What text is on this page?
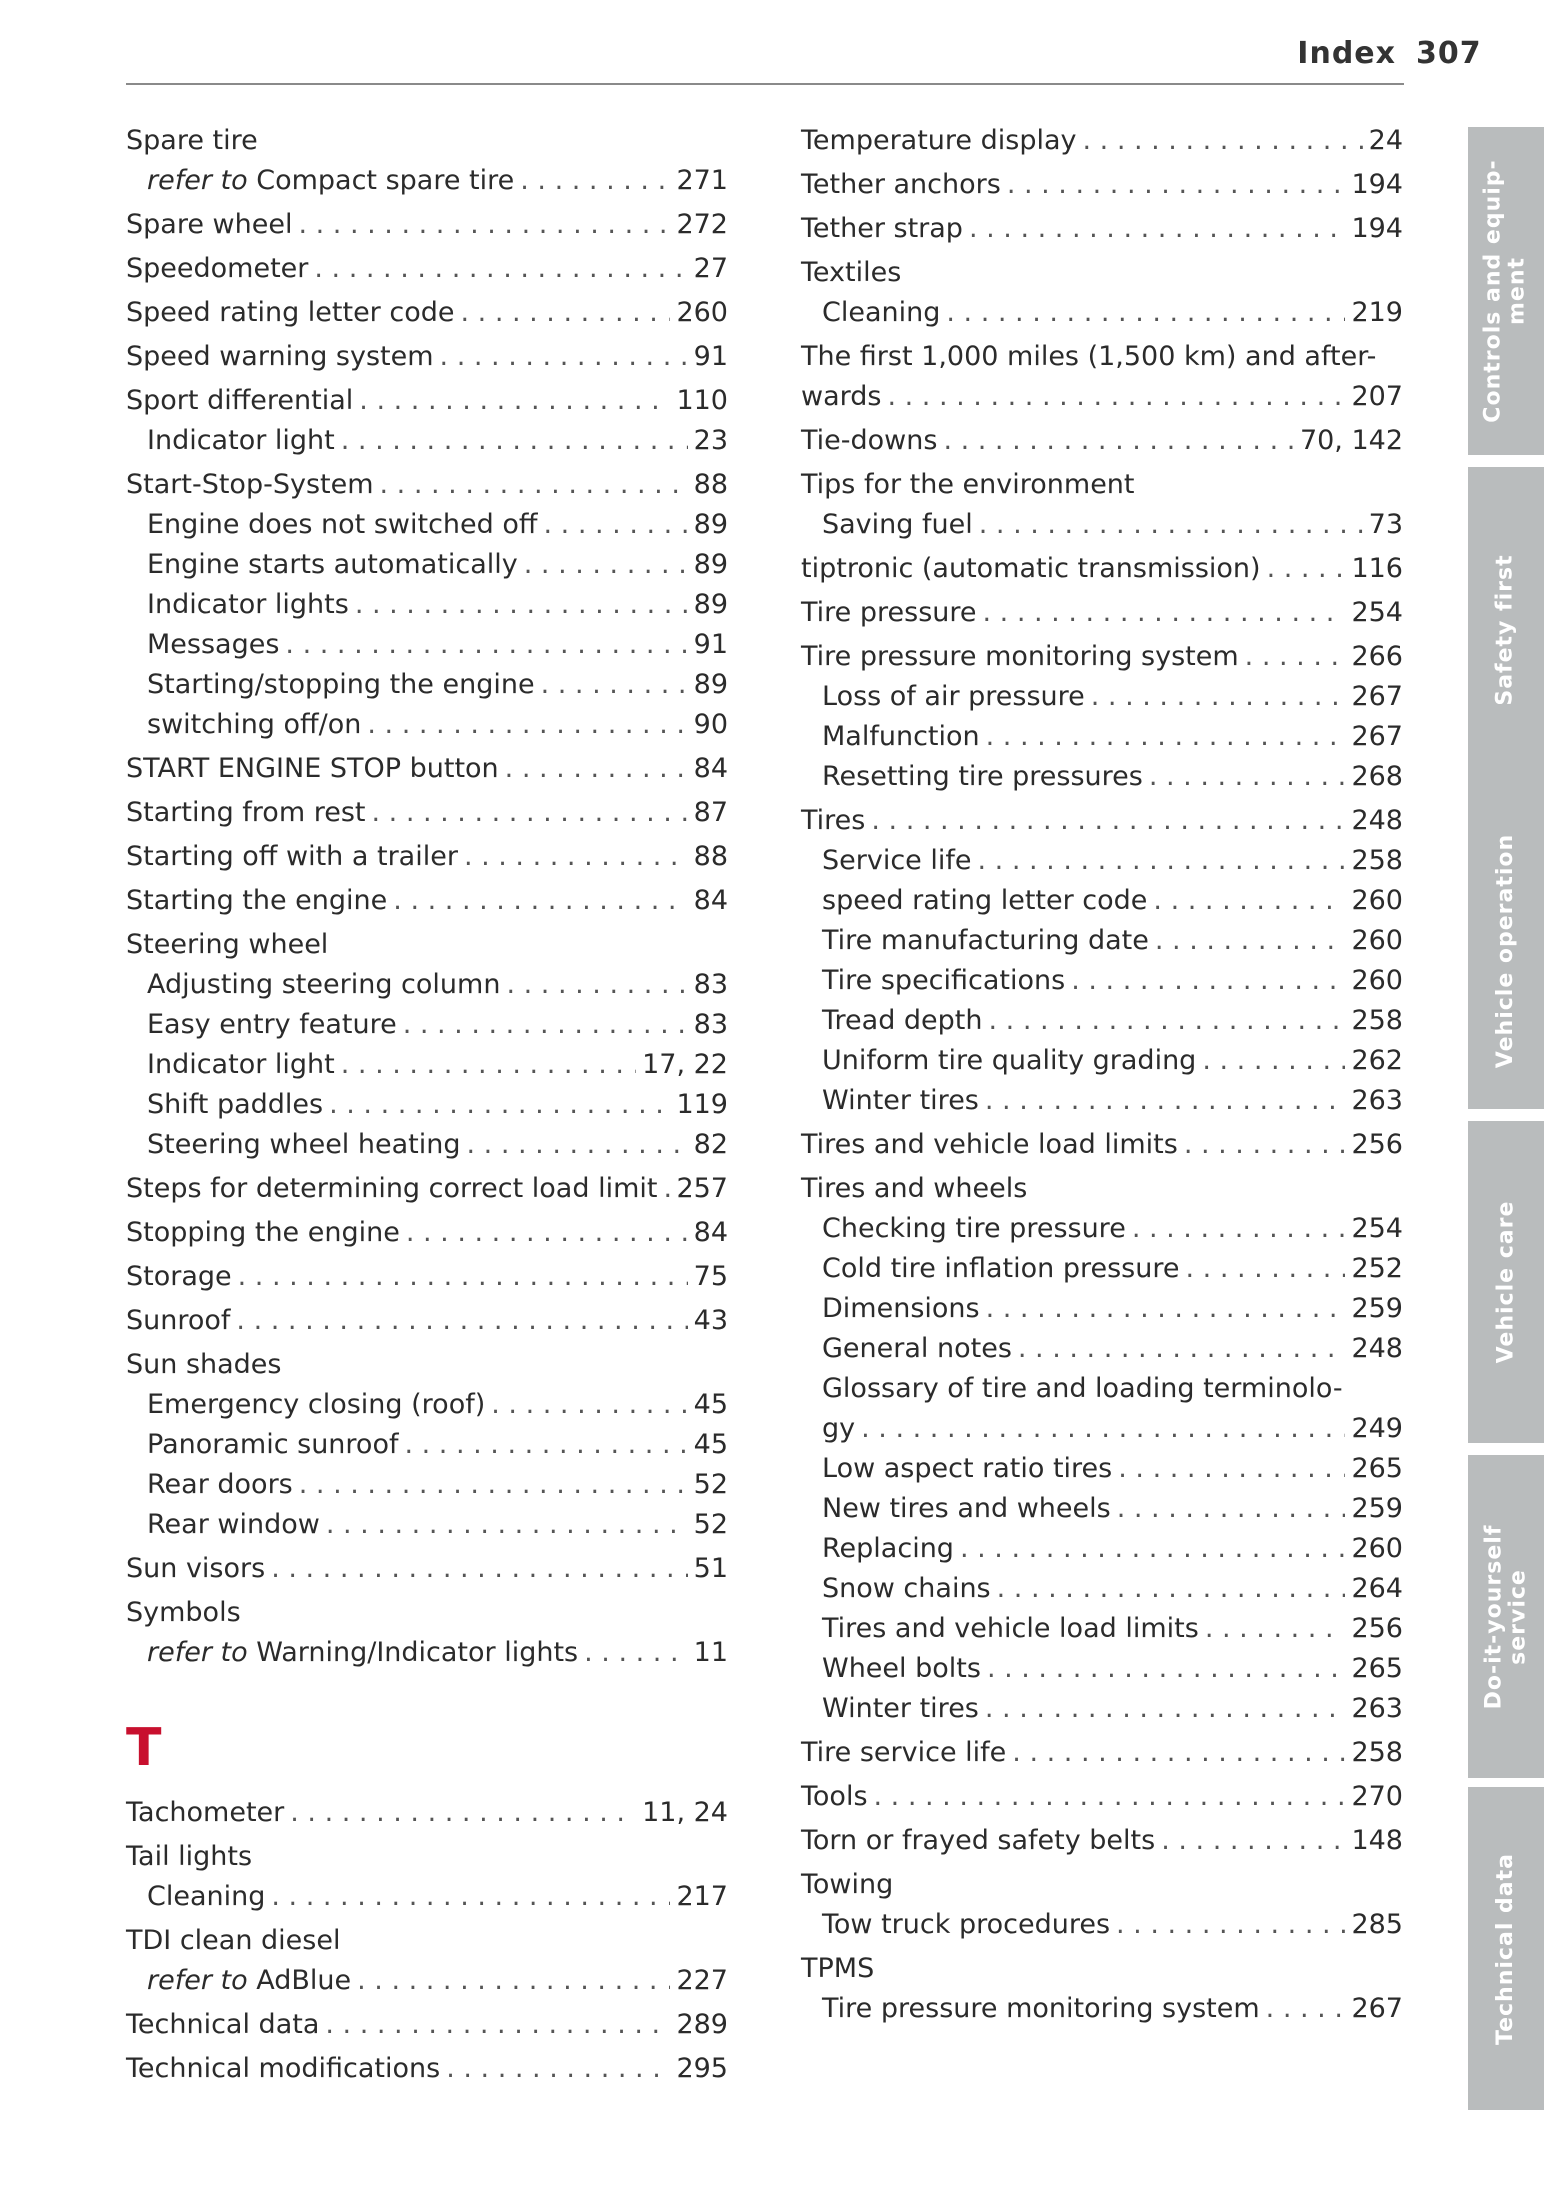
Index 307
Spare tire
refer to Compact spare tire . . .	271
Spare wheel . . .	272
Speedometer . . .	27
Speed rating letter code . . .	260
Speed warning system . . .	91
Sport differential . . .	110
Indicator light . . .	23
Start-Stop-System . . .	88
Engine does not switched off . . .	89
Engine starts automatically . . .	89
Indicator lights . . .	89
Messages . . .	91
Starting/stopping the engine . . .	89
switching off/on . . .	90
START ENGINE STOP button . . .	84
Starting from rest . . .	87
Starting off with a trailer . . .	88
Starting the engine . . .	84
Steering wheel
Adjusting steering column . . .	83
Easy entry feature . . .	83
Indicator light . . .	17, 22
Shift paddles . . .	119
Steering wheel heating . . .	82
Steps for determining correct load limit . . . 257
Stopping the engine . . .	84
Storage . . .	75
Sunroof . . .	43
Sun shades
Emergency closing (roof) . . .	45
Panoramic sunroof . . .	45
Rear doors . . .	52
Rear window . . .	52
Sun visors . . .	51
Symbols
refer to Warning/Indicator lights . . .	11
T
Tachometer . . .	11, 24
Tail lights
Cleaning . . .	217
TDI clean diesel
refer to AdBlue . . .	227
Technical data . . .	289
Technical modifications . . .	295
Temperature display . . .	24
Tether anchors . . .	194
Tether strap . . .	194
Textiles
Cleaning . . .	219
The first 1,000 miles (1,500 km) and after-
wards . . .	207
Tie-downs . . .	70, 142
Tips for the environment
Saving fuel . . .	73
tiptronic (automatic transmission) . . .	116
Tire pressure . . .	254
Tire pressure monitoring system . . .	266
Loss of air pressure . . .	267
Malfunction . . .	267
Resetting tire pressures . . .	268
Tires . . .	248
Service life . . .	258
speed rating letter code . . .	260
Tire manufacturing date . . .	260
Tire specifications . . .	260
Tread depth . . .	258
Uniform tire quality grading . . .	262
Winter tires . . .	263
Tires and vehicle load limits . . .	256
Tires and wheels
Checking tire pressure . . .	254
Cold tire inflation pressure . . .	252
Dimensions . . .	259
General notes . . .	248
Glossary of tire and loading terminolo-
gy . . .	249
Low aspect ratio tires . . .	265
New tires and wheels . . .	259
Replacing . . .	260
Snow chains . . .	264
Tires and vehicle load limits . . .	256
Wheel bolts . . .	265
Winter tires . . .	263
Tire service life . . .	258
Tools . . .	270
Torn or frayed safety belts . . .	148
Towing
Tow truck procedures . . .	285
TPMS
Tire pressure monitoring system . . .	267
Controls and equip-
ment
Safety first
Vehicle operation
Vehicle care
Do-it-yourself
service
Technical data
